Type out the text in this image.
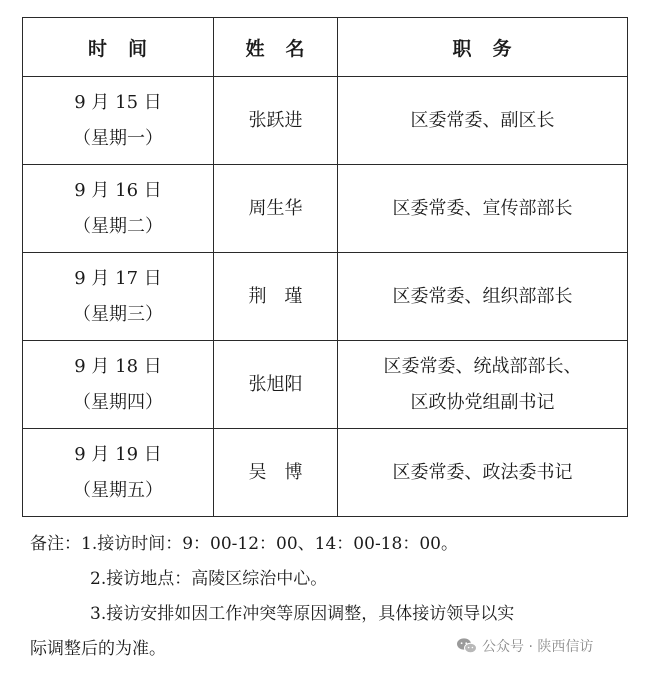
时　间	姓　名	职　务

9 月 15 日
（星期一）	张跃进	区委常委、副区长

9 月 16 日
（星期二）	周生华	区委常委、宣传部部长

9 月 17 日
（星期三）	荆　瑾	区委常委、组织部部长

9 月 18 日
（星期四）	张旭阳	区委常委、统战部部长、
区政协党组副书记

9 月 19 日
（星期五）	吴　博	区委常委、政法委书记
备注：1.接访时间：9：00-12：00、14：00-18：00。
2.接访地点：高陵区综治中心。
3.接访安排如因工作冲突等原因调整，具体接访领导以实
际调整后的为准。	公众号 · 陕西信访
